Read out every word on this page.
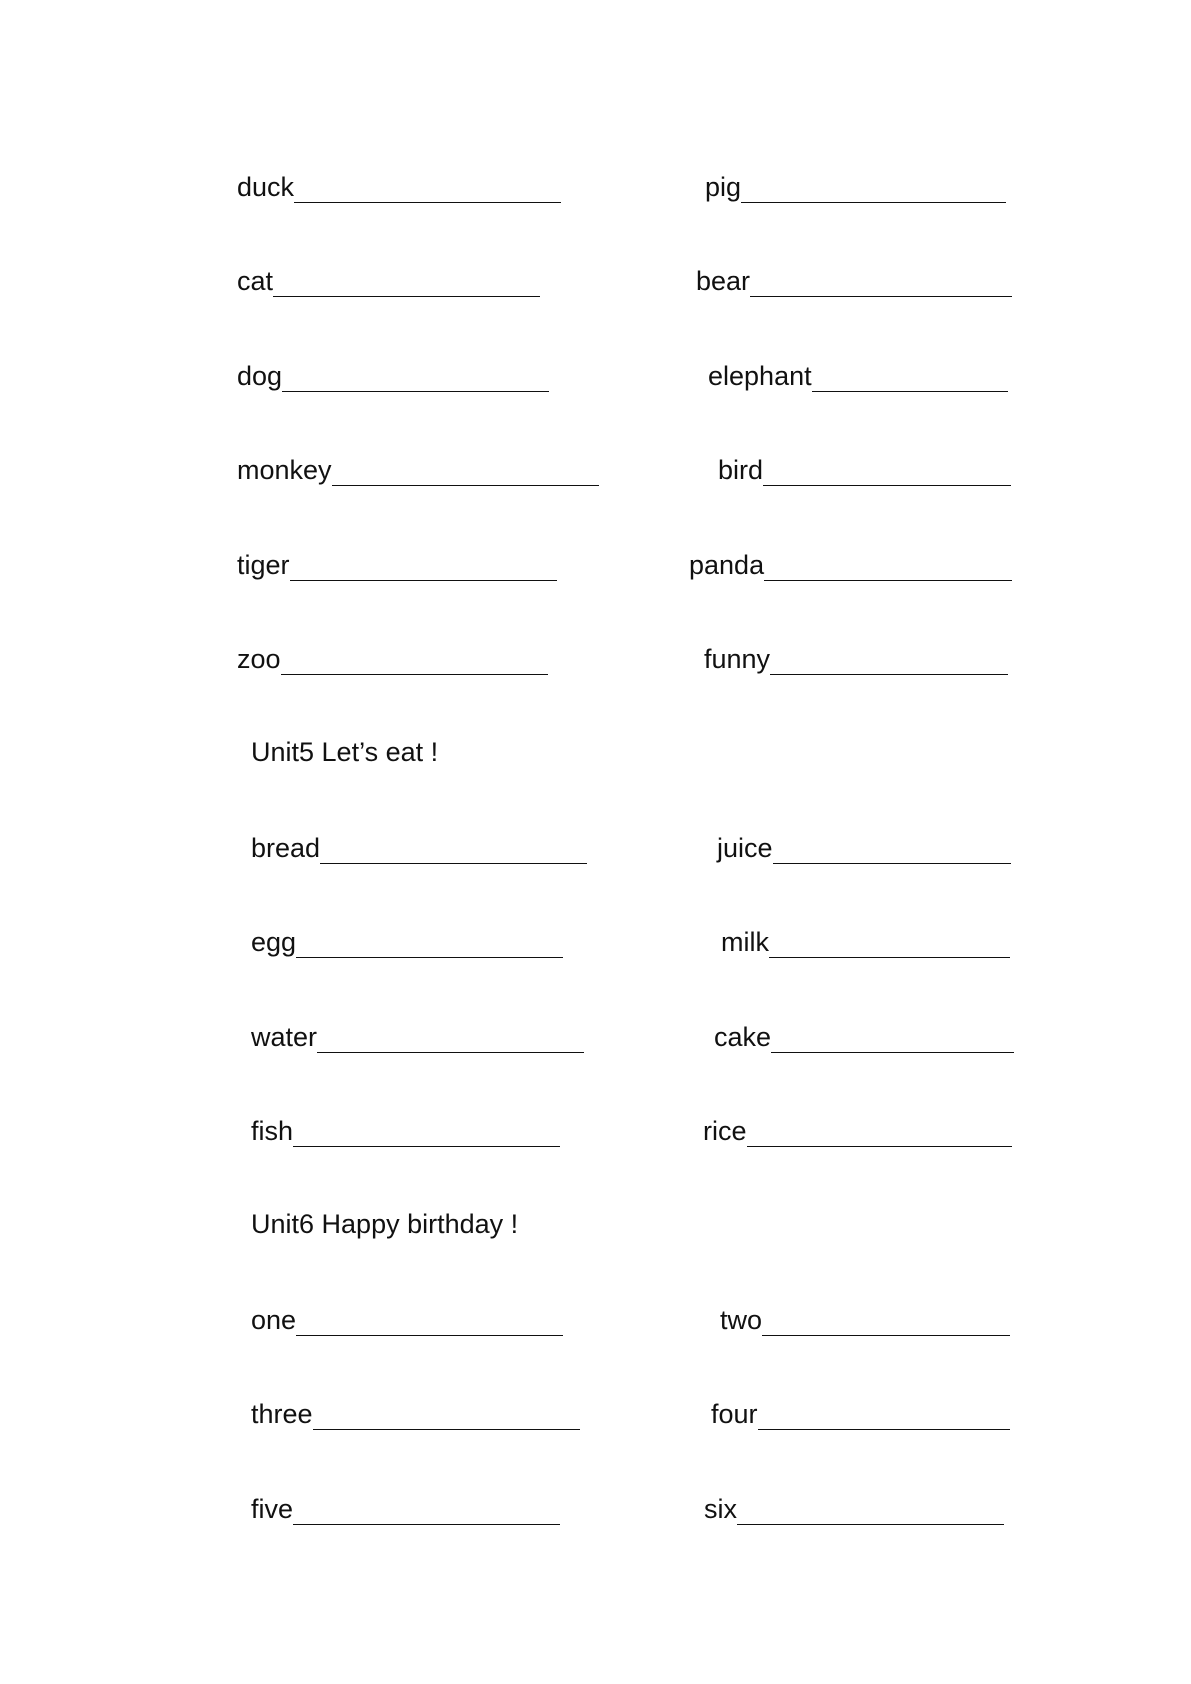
duck	pig
cat	bear
dog	elephant
monkey	bird
tiger	panda
zoo	funny
Unit5 Let’s eat !
bread	juice
egg	milk
water	cake
fish	rice
Unit6 Happy birthday !
one	two
three	four
five	six
